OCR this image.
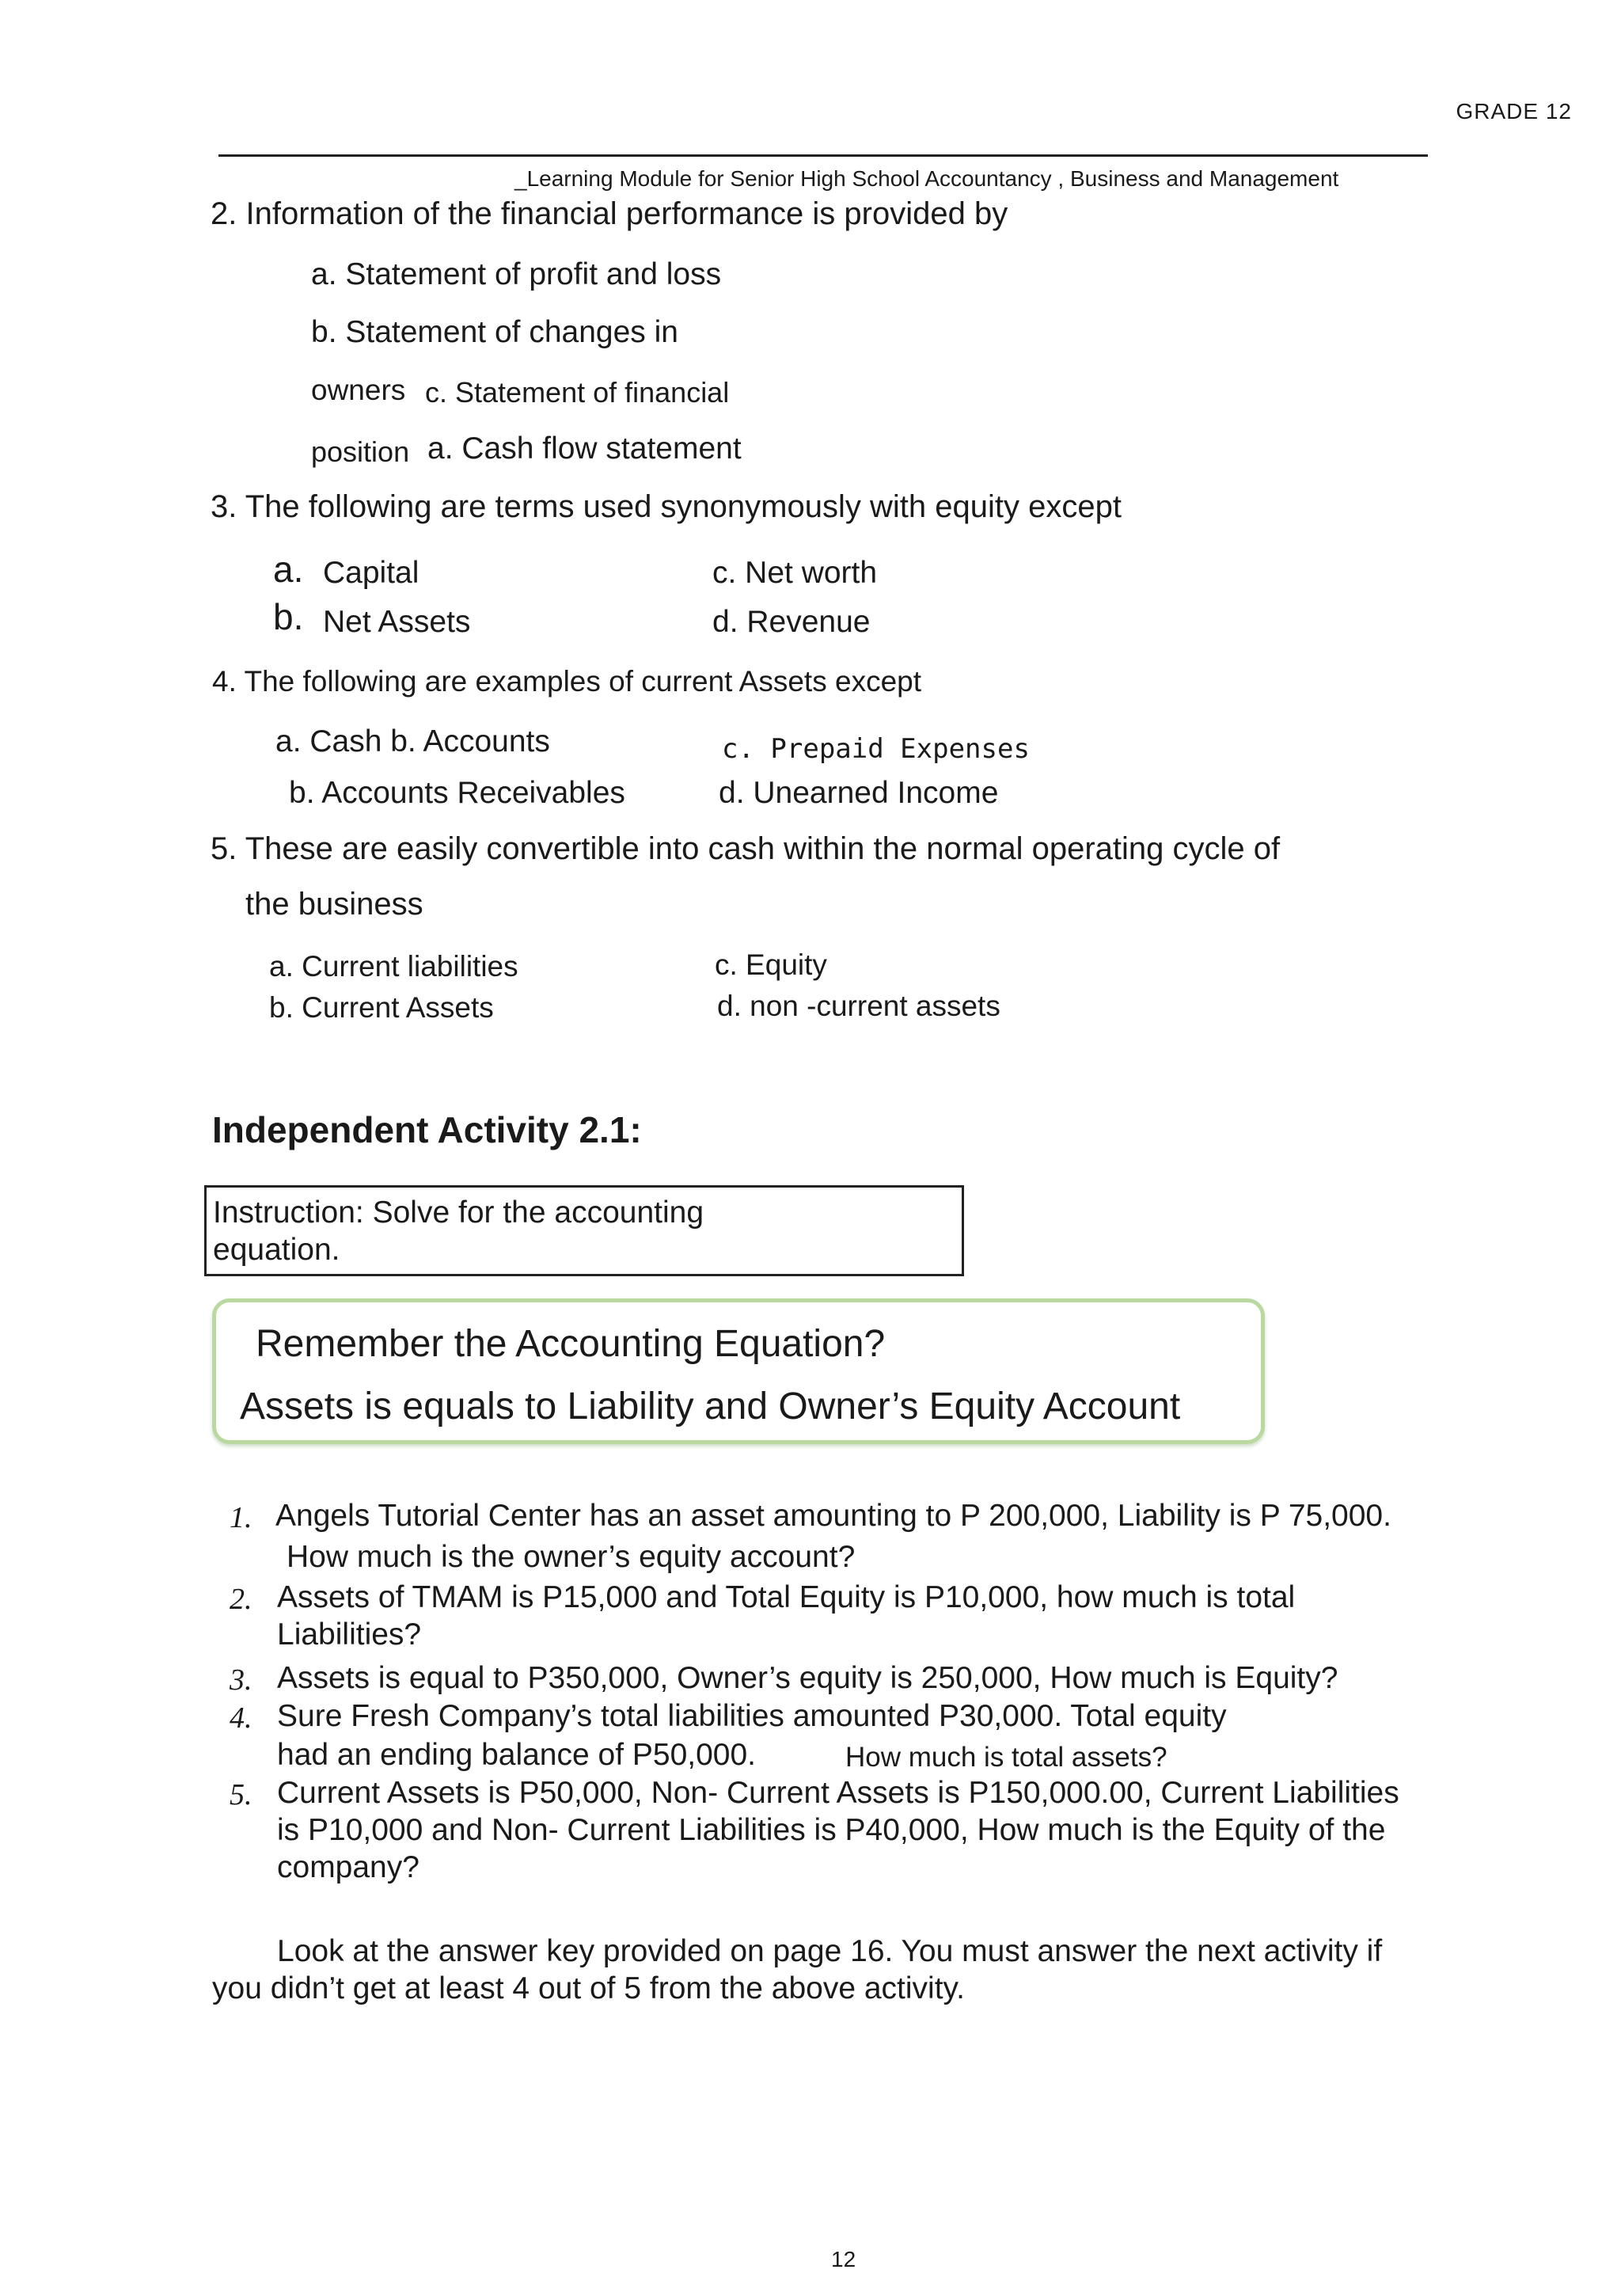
GRADE 12
_Learning Module for Senior High School Accountancy , Business and Management
2. Information of the financial performance is provided by
a. Statement of profit and loss
b. Statement of changes in
owners c. Statement of financial
position a. Cash flow statement
3. The following are terms used synonymously with equity except
a. Capital	c. Net worth
b. Net Assets	d. Revenue
4. The following are examples of current Assets except
a. Cash b. Accounts	c. Prepaid Expenses
b. Accounts Receivables	d. Unearned Income
5. These are easily convertible into cash within the normal operating cycle of
the business
a. Current liabilities	c. Equity
b. Current Assets	d. non -current assets
Independent Activity 2.1:
Instruction: Solve for the accounting
equation.
Remember the Accounting Equation?
Assets is equals to Liability and Owner’s Equity Account
1. Angels Tutorial Center has an asset amounting to P 200,000, Liability is P 75,000.
How much is the owner’s equity account?
2. Assets of TMAM is P15,000 and Total Equity is P10,000, how much is total
Liabilities?
3. Assets is equal to P350,000, Owner’s equity is 250,000, How much is Equity?
4. Sure Fresh Company’s total liabilities amounted P30,000. Total equity
had an ending balance of P50,000.	How much is total assets?
5. Current Assets is P50,000, Non- Current Assets is P150,000.00, Current Liabilities
is P10,000 and Non- Current Liabilities is P40,000, How much is the Equity of the
company?
Look at the answer key provided on page 16. You must answer the next activity if
you didn’t get at least 4 out of 5 from the above activity.
12
